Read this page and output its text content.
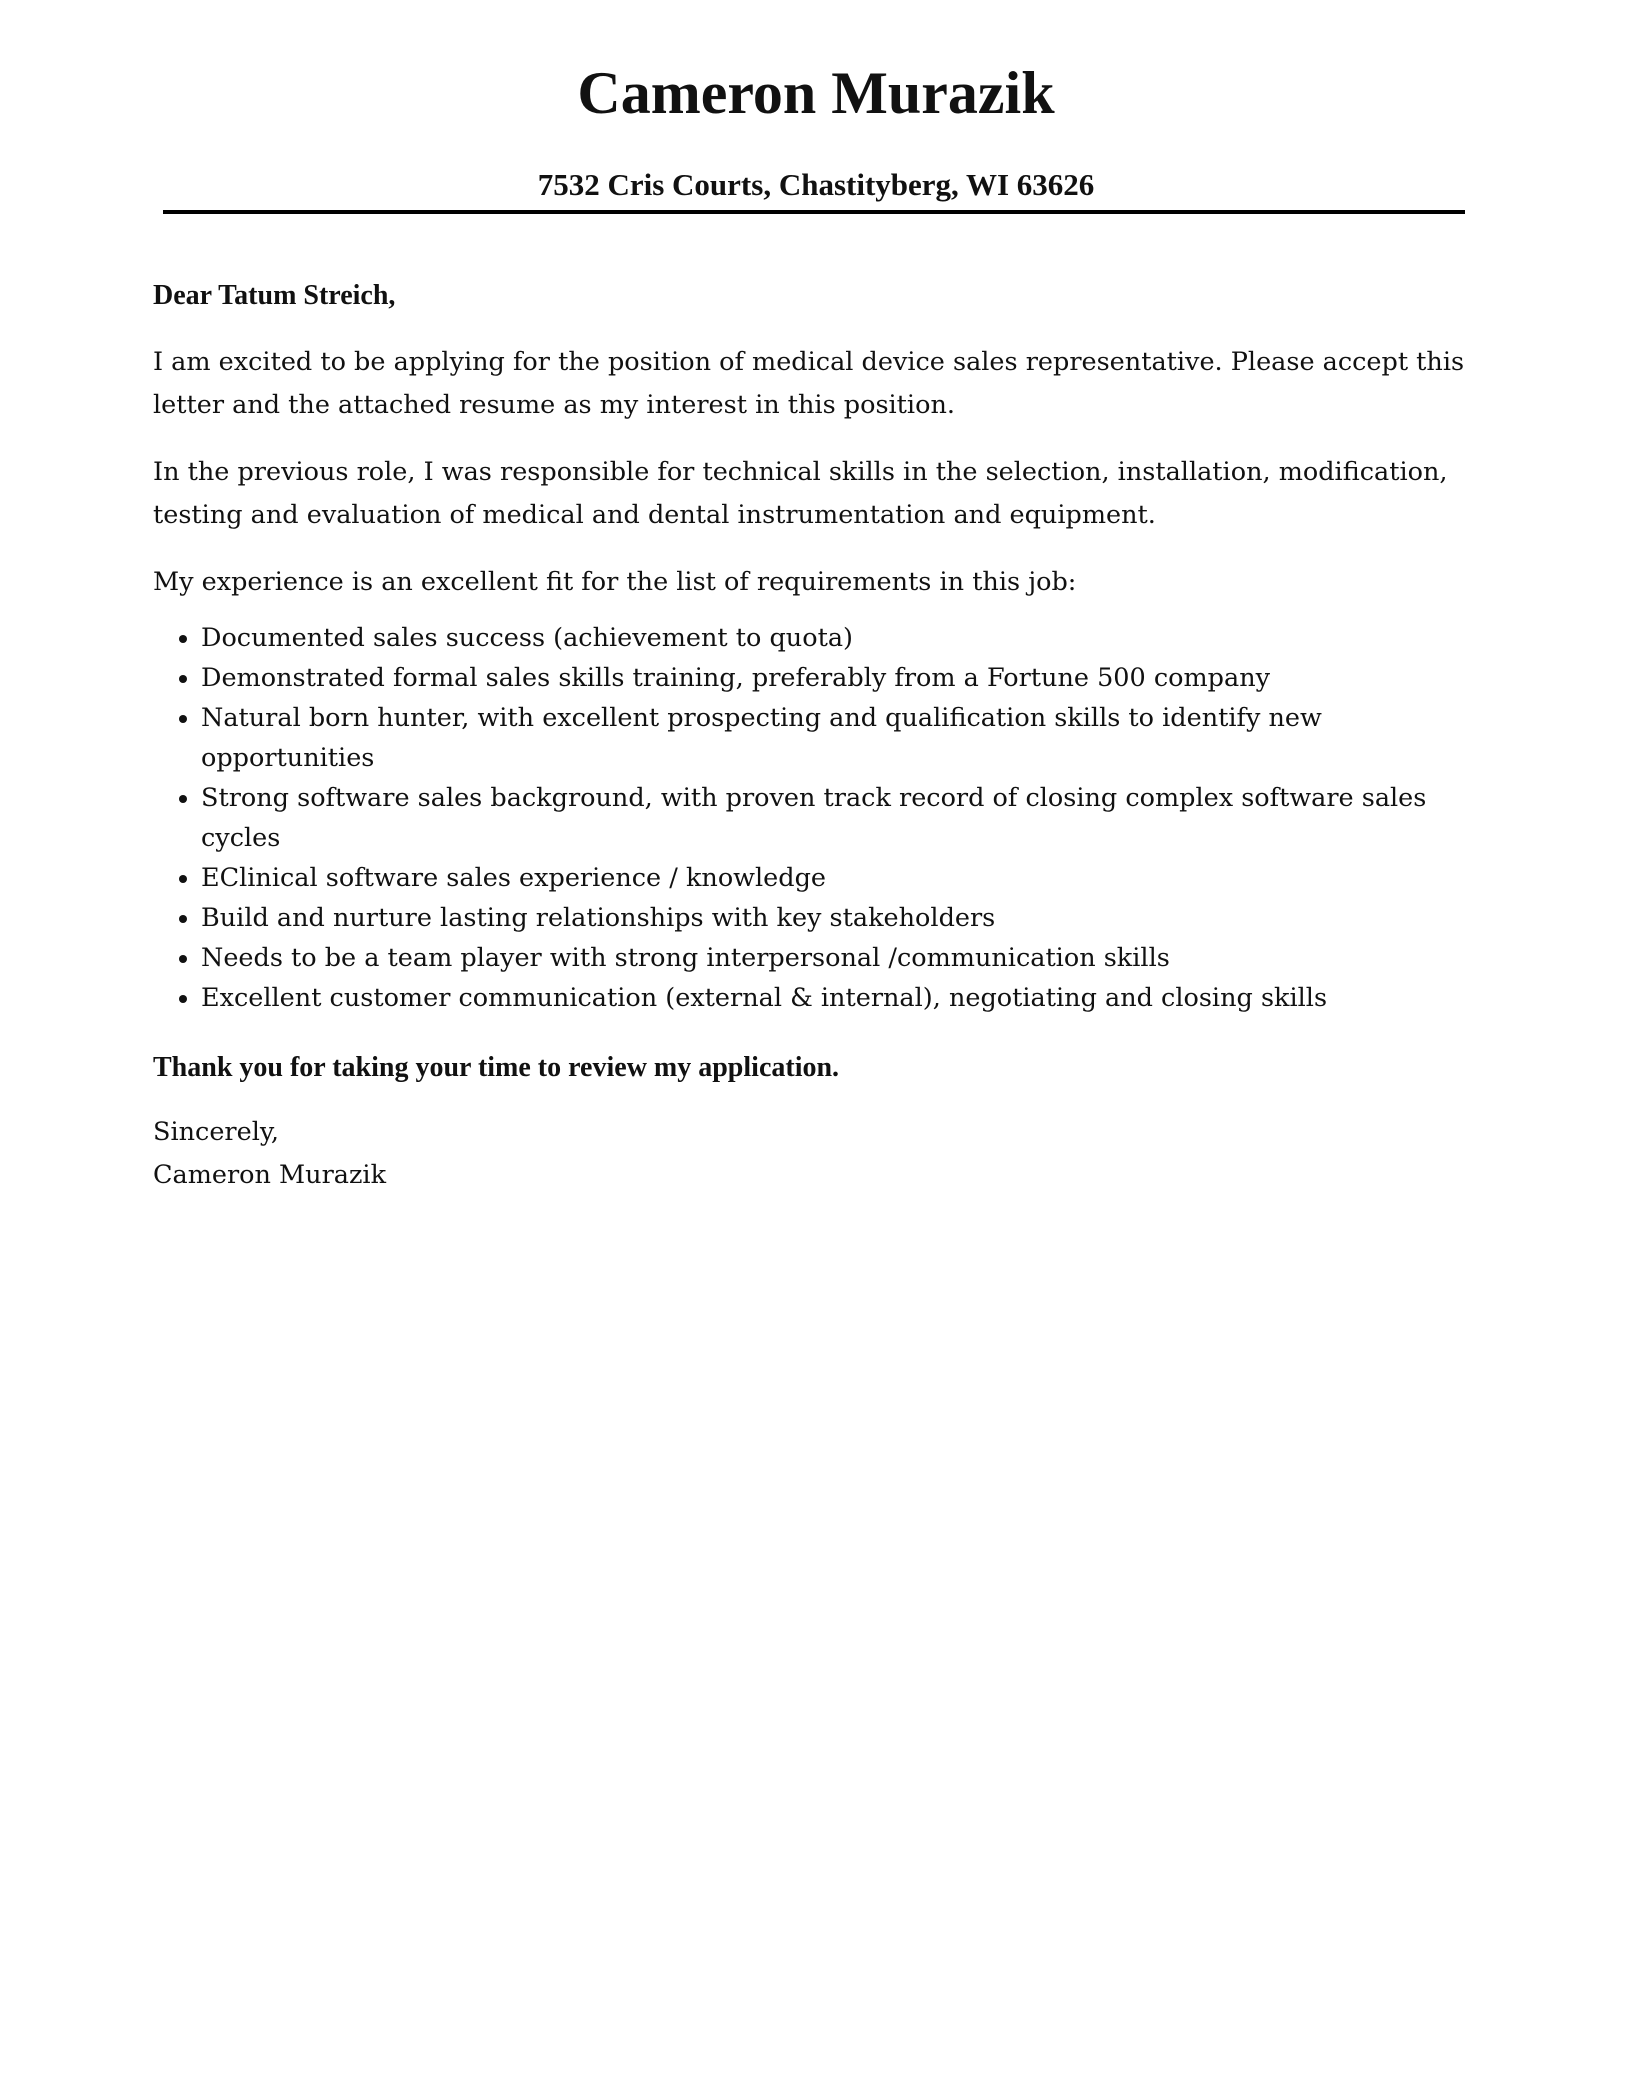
Cameron Murazik
7532 Cris Courts, Chastityberg, WI 63626
Dear Tatum Streich,

I am excited to be applying for the position of medical device sales representative. Please accept this letter and the attached resume as my interest in this position.

In the previous role, I was responsible for technical skills in the selection, installation, modification, testing and evaluation of medical and dental instrumentation and equipment.

My experience is an excellent fit for the list of requirements in this job:

• Documented sales success (achievement to quota)
• Demonstrated formal sales skills training, preferably from a Fortune 500 company
• Natural born hunter, with excellent prospecting and qualification skills to identify new opportunities
• Strong software sales background, with proven track record of closing complex software sales cycles
• EClinical software sales experience / knowledge
• Build and nurture lasting relationships with key stakeholders
• Needs to be a team player with strong interpersonal /communication skills
• Excellent customer communication (external & internal), negotiating and closing skills
Thank you for taking your time to review my application.
Sincerely,
Cameron Murazik
